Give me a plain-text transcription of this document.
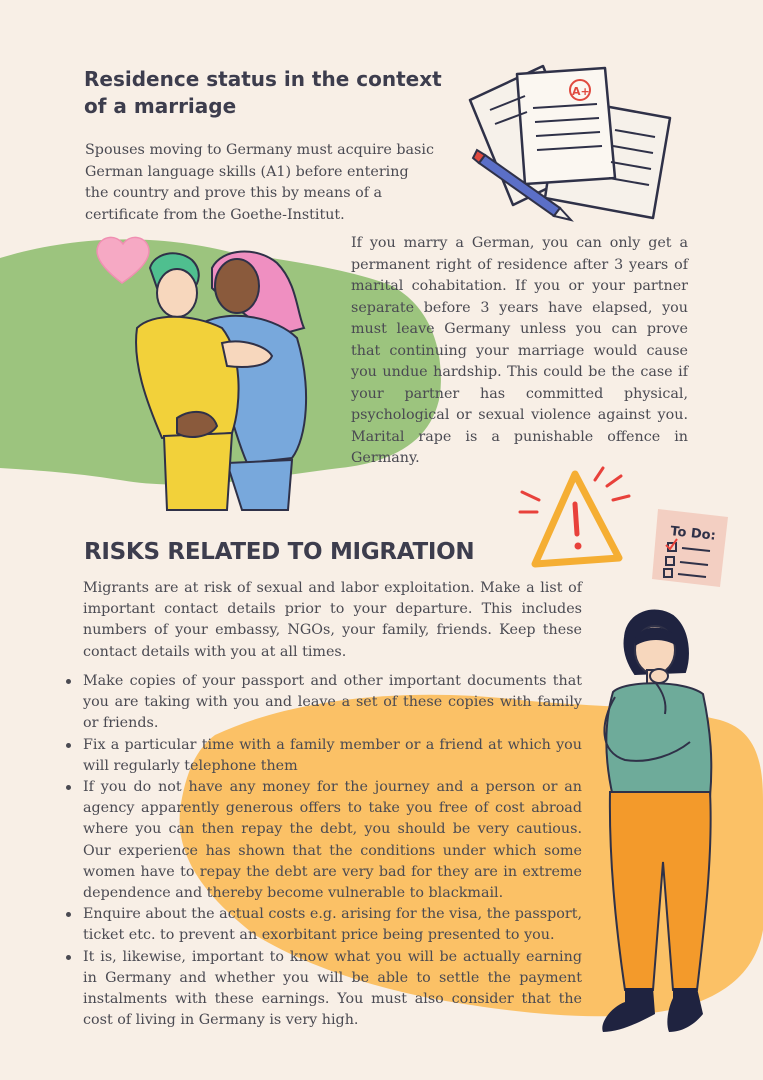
Residence status in the context of a marriage

Spouses moving to Germany must acquire basic German language skills (A1) before entering the country and prove this by means of a certificate from the Goethe-Institut.

If you marry a German, you can only get a permanent right of residence after 3 years of marital cohabitation. If you or your partner separate before 3 years have elapsed, you must leave Germany unless you can prove that continuing your marriage would cause you undue hardship. This could be the case if your partner has committed physical, psychological or sexual violence against you. Marital rape is a punishable offence in Germany.

A+
To Do:
RISKS RELATED TO MIGRATION

Migrants are at risk of sexual and labor exploitation. Make a list of important contact details prior to your departure. This includes numbers of your embassy, NGOs, your family, friends. Keep these contact details with you at all times.

Make copies of your passport and other important documents that you are taking with you and leave a set of these copies with family or friends.
Fix a particular time with a family member or a friend at which you will regularly telephone them
If you do not have any money for the journey and a person or an agency apparently generous offers to take you free of cost abroad where you can then repay the debt, you should be very cautious. Our experience has shown that the conditions under which some women have to repay the debt are very bad for they are in extreme dependence and thereby become vulnerable to blackmail.
Enquire about the actual costs e.g. arising for the visa, the passport, ticket etc. to prevent an exorbitant price being presented to you.
It is, likewise, important to know what you will be actually earning in Germany and whether you will be able to settle the payment instalments with these earnings. You must also consider that the cost of living in Germany is very high.
